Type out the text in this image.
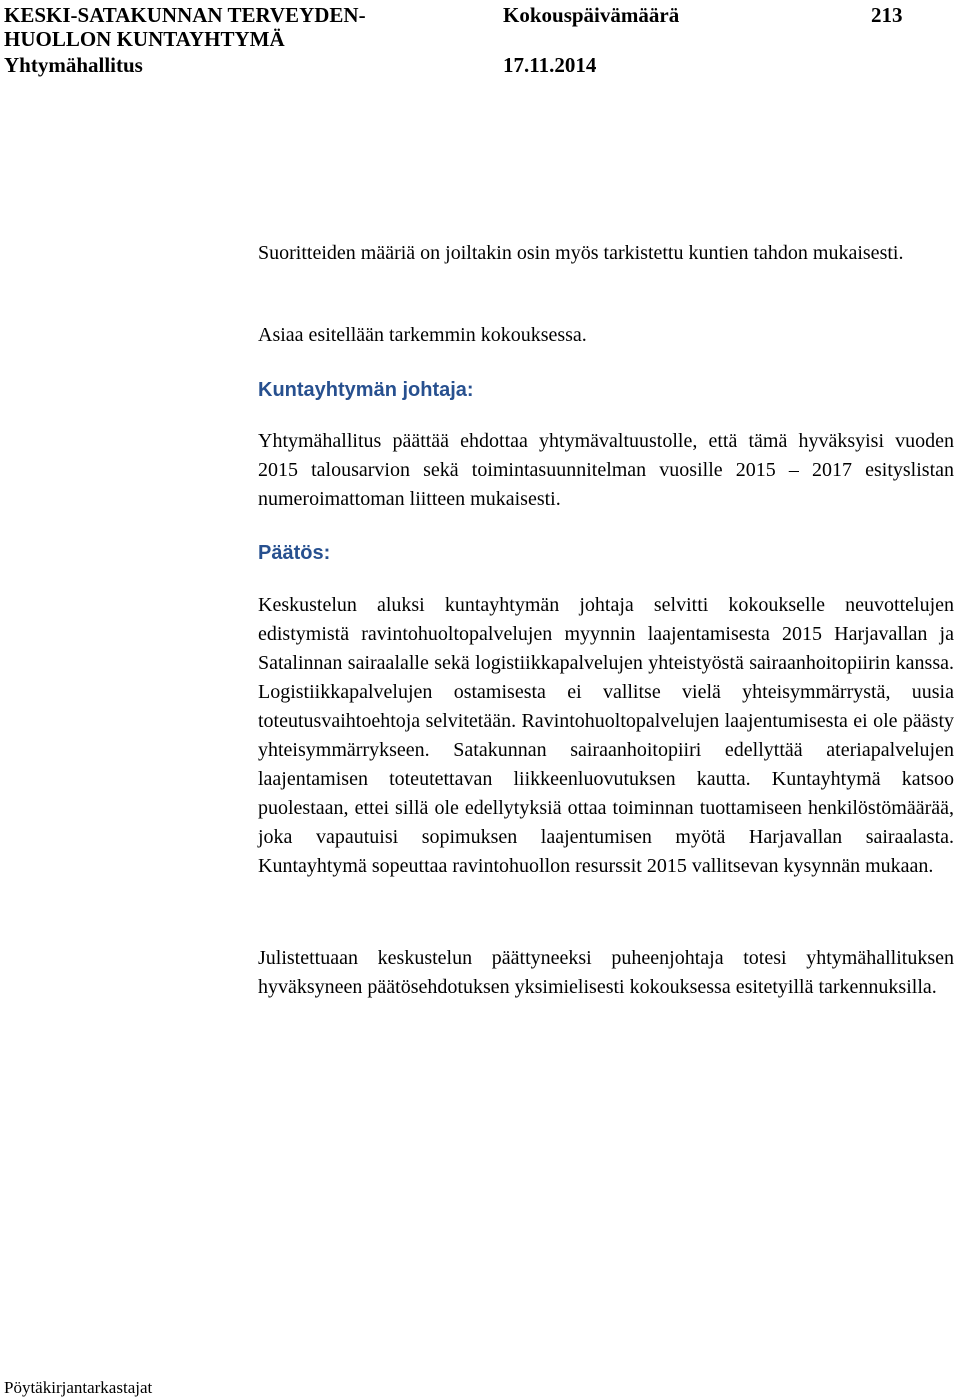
KESKI-SATAKUNNAN TERVEYDEN-
HUOLLON KUNTAYHTYMÄ
Yhtymähallitus
Kokouspäivämäärä
17.11.2014
213

Suoritteiden määriä on joiltakin osin myös tarkistettu kuntien tahdon mukaisesti.

Asiaa esitellään tarkemmin kokouksessa.

Kuntayhtymän johtaja:

Yhtymähallitus päättää ehdottaa yhtymävaltuustolle, että tämä hyväksyisi vuoden 2015 talousarvion sekä toimintasuunnitelman vuosille 2015 – 2017 esityslistan numeroimattoman liitteen mukaisesti.

Päätös:

Keskustelun aluksi kuntayhtymän johtaja selvitti kokoukselle neuvottelujen edistymistä ravintohuoltopalvelujen myynnin laajentamisesta 2015 Harjavallan ja Satalinnan sairaalalle sekä logistiikkapalvelujen yhteistyöstä sairaanhoitopiirin kanssa. Logistiikkapalvelujen ostamisesta ei vallitse vielä yhteisymmärrystä, uusia toteutusvaihtoehtoja selvitetään. Ravintohuoltopalvelujen laajentumisesta ei ole päästy yhteisymmärrykseen. Satakunnan sairaanhoitopiiri edellyttää ateriapalvelujen laajentamisen toteutettavan liikkeenluovutuksen kautta. Kuntayhtymä katsoo puolestaan, ettei sillä ole edellytyksiä ottaa toiminnan tuottamiseen henkilöstömäärää, joka vapautuisi sopimuksen laajentumisen myötä Harjavallan sairaalasta. Kuntayhtymä sopeuttaa ravintohuollon resurssit 2015 vallitsevan kysynnän mukaan.

Julistettuaan keskustelun päättyneeksi puheenjohtaja totesi yhtymähallituksen hyväksyneen päätösehdotuksen yksimielisesti kokouksessa esitetyillä tarkennuksilla.

Pöytäkirjantarkastajat
